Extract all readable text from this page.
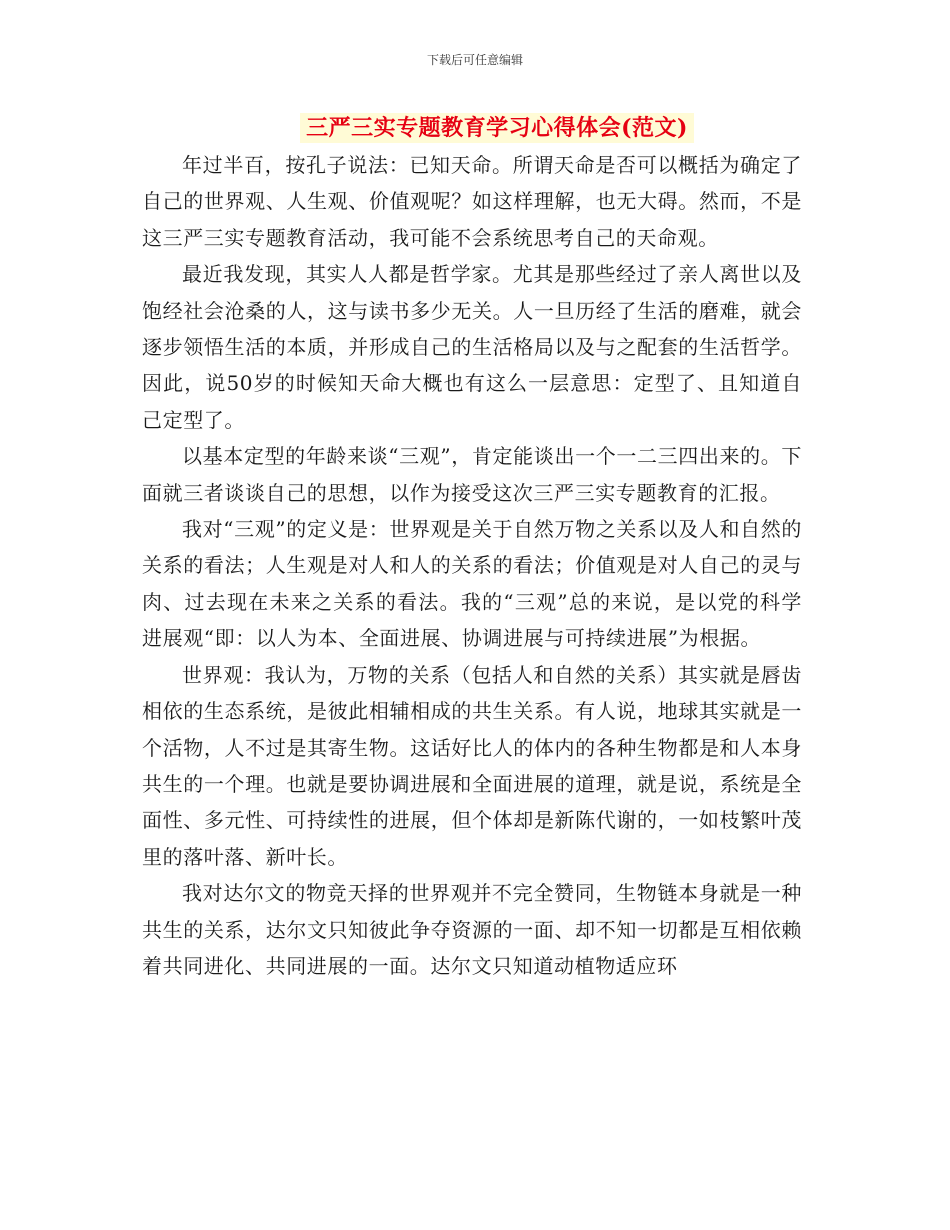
下载后可任意编辑
三严三实专题教育学习心得体会(范文)

年过半百，按孔子说法：已知天命。所谓天命是否可以概括为确定了自己的世界观、人生观、价值观呢？如这样理解，也无大碍。然而，不是这三严三实专题教育活动，我可能不会系统思考自己的天命观。

最近我发现，其实人人都是哲学家。尤其是那些经过了亲人离世以及饱经社会沧桑的人，这与读书多少无关。人一旦历经了生活的磨难，就会逐步领悟生活的本质，并形成自己的生活格局以及与之配套的生活哲学。因此，说50岁的时候知天命大概也有这么一层意思：定型了、且知道自己定型了。

以基本定型的年龄来谈“三观”，肯定能谈出一个一二三四出来的。下面就三者谈谈自己的思想，以作为接受这次三严三实专题教育的汇报。

我对“三观”的定义是：世界观是关于自然万物之关系以及人和自然的关系的看法；人生观是对人和人的关系的看法；价值观是对人自己的灵与肉、过去现在未来之关系的看法。我的“三观”总的来说，是以党的科学进展观“即：以人为本、全面进展、协调进展与可持续进展”为根据。

世界观：我认为，万物的关系（包括人和自然的关系）其实就是唇齿相依的生态系统，是彼此相辅相成的共生关系。有人说，地球其实就是一个活物，人不过是其寄生物。这话好比人的体内的各种生物都是和人本身共生的一个理。也就是要协调进展和全面进展的道理，就是说，系统是全面性、多元性、可持续性的进展，但个体却是新陈代谢的，一如枝繁叶茂里的落叶落、新叶长。

我对达尔文的物竞天择的世界观并不完全赞同，生物链本身就是一种共生的关系，达尔文只知彼此争夺资源的一面、却不知一切都是互相依赖着共同进化、共同进展的一面。达尔文只知道动植物适应环
